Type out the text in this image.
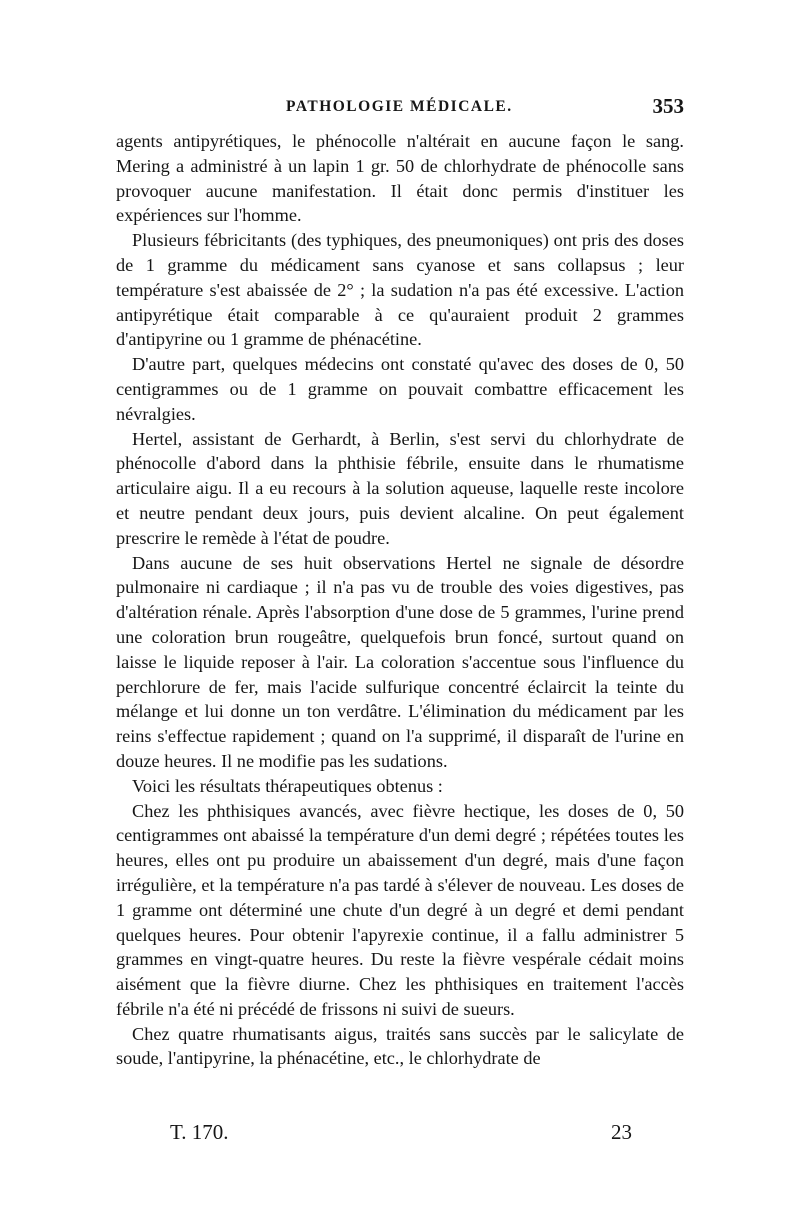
PATHOLOGIE MÉDICALE.	353

agents antipyrétiques, le phénocolle n'altérait en aucune façon le sang. Mering a administré à un lapin 1 gr. 50 de chlorhydrate de phénocolle sans provoquer aucune manifestation. Il était donc permis d'instituer les expériences sur l'homme.

Plusieurs fébricitants (des typhiques, des pneumoniques) ont pris des doses de 1 gramme du médicament sans cyanose et sans collapsus ; leur température s'est abaissée de 2° ; la sudation n'a pas été excessive. L'action antipyrétique était comparable à ce qu'auraient produit 2 grammes d'antipyrine ou 1 gramme de phénacétine.

D'autre part, quelques médecins ont constaté qu'avec des doses de 0, 50 centigrammes ou de 1 gramme on pouvait combattre efficacement les névralgies.

Hertel, assistant de Gerhardt, à Berlin, s'est servi du chlorhydrate de phénocolle d'abord dans la phthisie fébrile, ensuite dans le rhumatisme articulaire aigu. Il a eu recours à la solution aqueuse, laquelle reste incolore et neutre pendant deux jours, puis devient alcaline. On peut également prescrire le remède à l'état de poudre.

Dans aucune de ses huit observations Hertel ne signale de désordre pulmonaire ni cardiaque ; il n'a pas vu de trouble des voies digestives, pas d'altération rénale. Après l'absorption d'une dose de 5 grammes, l'urine prend une coloration brun rougeâtre, quelquefois brun foncé, surtout quand on laisse le liquide reposer à l'air. La coloration s'accentue sous l'influence du perchlorure de fer, mais l'acide sulfurique concentré éclaircit la teinte du mélange et lui donne un ton verdâtre. L'élimination du médicament par les reins s'effectue rapidement ; quand on l'a supprimé, il disparaît de l'urine en douze heures. Il ne modifie pas les sudations.

Voici les résultats thérapeutiques obtenus :

Chez les phthisiques avancés, avec fièvre hectique, les doses de 0, 50 centigrammes ont abaissé la température d'un demi degré ; répétées toutes les heures, elles ont pu produire un abaissement d'un degré, mais d'une façon irrégulière, et la température n'a pas tardé à s'élever de nouveau. Les doses de 1 gramme ont déterminé une chute d'un degré à un degré et demi pendant quelques heures. Pour obtenir l'apyrexie continue, il a fallu administrer 5 grammes en vingt-quatre heures. Du reste la fièvre vespérale cédait moins aisément que la fièvre diurne. Chez les phthisiques en traitement l'accès fébrile n'a été ni précédé de frissons ni suivi de sueurs.

Chez quatre rhumatisants aigus, traités sans succès par le salicylate de soude, l'antipyrine, la phénacétine, etc., le chlorhydrate de

T. 170.	23
